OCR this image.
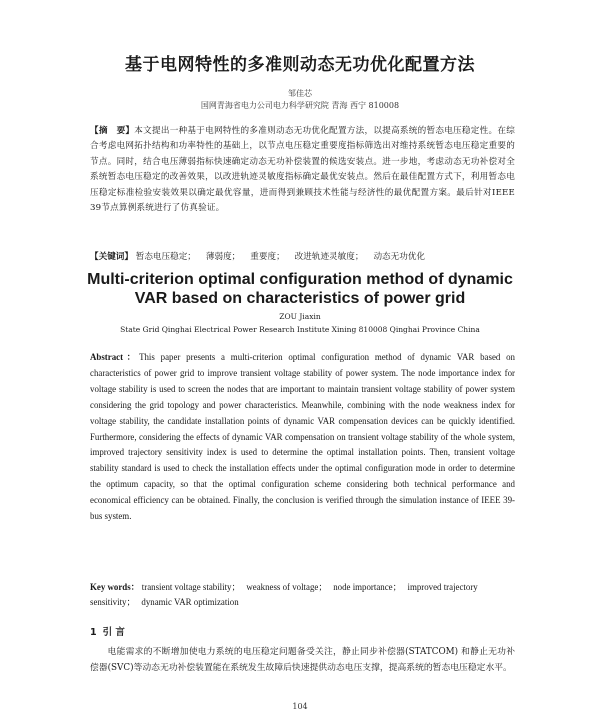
基于电网特性的多准则动态无功优化配置方法
邹佳芯
国网青海省电力公司电力科学研究院 青海 西宁 810008
【摘　要】本文提出一种基于电网特性的多准则动态无功优化配置方法，以提高系统的暂态电压稳定性。在综合考虑电网拓扑结构和功率特性的基础上，以节点电压稳定重要度指标筛选出对维持系统暂态电压稳定重要的节点。同时，结合电压薄弱指标快速确定动态无功补偿装置的候选安装点。进一步地，考虑动态无功补偿对全系统暂态电压稳定的改善效果，以改进轨迹灵敏度指标确定最优安装点。然后在最佳配置方式下，利用暂态电压稳定标准检验安装效果以确定最优容量，进而得到兼顾技术性能与经济性的最优配置方案。最后针对IEEE 39节点算例系统进行了仿真验证。
【关键词】 暂态电压稳定； 薄弱度； 重要度； 改进轨迹灵敏度； 动态无功优化
Multi-criterion optimal configuration method of dynamic
VAR based on characteristics of power grid
ZOU Jiaxin
State Grid Qinghai Electrical Power Research Institute Xining 810008 Qinghai Province China
Abstract：This paper presents a multi-criterion optimal configuration method of dynamic VAR based on characteristics of power grid to improve transient voltage stability of power system. The node importance index for voltage stability is used to screen the nodes that are important to maintain transient voltage stability of power system considering the grid topology and power characteristics. Meanwhile, combining with the node weakness index for voltage stability, the candidate installation points of dynamic VAR compensation devices can be quickly identified. Furthermore, considering the effects of dynamic VAR compensation on transient voltage stability of the whole system, improved trajectory sensitivity index is used to determine the optimal installation points. Then, transient voltage stability standard is used to check the installation effects under the optimal configuration mode in order to determine the optimum capacity, so that the optimal configuration scheme considering both technical performance and economical efficiency can be obtained. Finally, the conclusion is verified through the simulation instance of IEEE 39-bus system.
Key words： transient voltage stability； weakness of voltage； node importance； improved trajectory sensitivity； dynamic VAR optimization
1 引 言
电能需求的不断增加使电力系统的电压稳定问题备受关注，静止同步补偿器(STATCOM) 和静止无功补偿器(SVC)等动态无功补偿装置能在系统发生故障后快速提供动态电压支撑，提高系统的暂态电压稳定水平。
104
